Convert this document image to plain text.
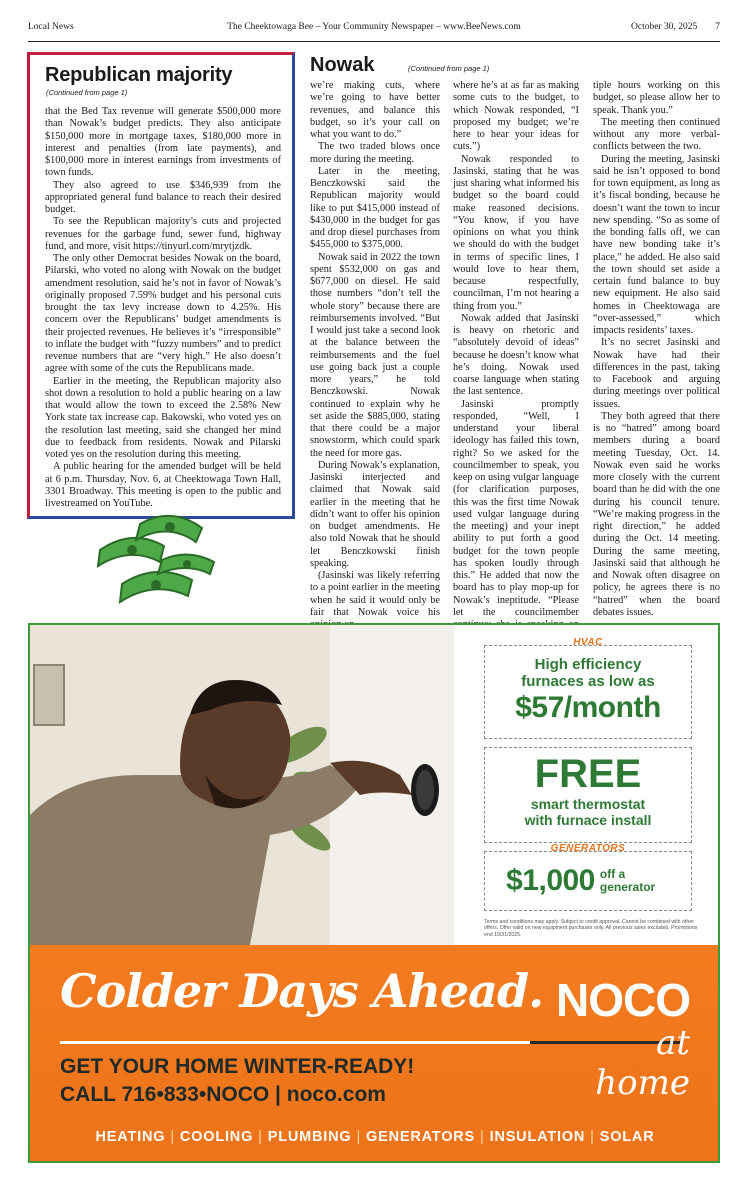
Local News	The Cheektowaga Bee – Your Community Newspaper – www.BeeNews.com	October 30, 2025 7
Republican majority
(Continued from page 1)

that the Bed Tax revenue will generate $500,000 more than Nowak’s budget predicts. They also anticipate $150,000 more in mortgage taxes, $180,000 more in interest and penalties (from late payments), and $100,000 more in interest earnings from investments of town funds.

They also agreed to use $346,939 from the appropriated general fund balance to reach their desired budget.

To see the Republican majority’s cuts and projected revenues for the garbage fund, sewer fund, highway fund, and more, visit https://tinyurl.com/mrytjzdk.

The only other Democrat besides Nowak on the board, Pilarski, who voted no along with Nowak on the budget amendment resolution, said he’s not in favor of Nowak’s originally proposed 7.59% budget and his personal cuts brought the tax levy increase down to 4.25%. His concern over the Republicans’ budget amendments is their projected revenues. He believes it’s “irresponsible” to inflate the budget with “fuzzy numbers” and to predict revenue numbers that are “very high.” He also doesn’t agree with some of the cuts the Republicans made.

Earlier in the meeting, the Republican majority also shot down a resolution to hold a public hearing on a law that would allow the town to exceed the 2.58% New York state tax increase cap. Bakowski, who voted yes on the resolution last meeting, said she changed her mind due to feedback from residents. Nowak and Pilarski voted yes on the resolution during this meeting.

A public hearing for the amended budget will be held at 6 p.m. Thursday, Nov. 6, at Cheektowaga Town Hall, 3301 Broadway. This meeting is open to the public and livestreamed on YouTube.

Nowak	(Continued from page 1)

we’re making cuts, where we’re going to have better revenues, and balance this budget, so it’s your call on what you want to do.”

The two traded blows once more during the meeting.

Later in the meeting, Benczkowski said the Republican majority would like to put $415,000 instead of $430,000 in the budget for gas and drop diesel purchases from $455,000 to $375,000.

Nowak said in 2022 the town spent $532,000 on gas and $677,000 on diesel. He said those numbers “don’t tell the whole story” because there are reimbursements involved. “But I would just take a second look at the balance between the reimbursements and the fuel use going back just a couple more years,” he told Benczkowski. Nowak continued to explain why he set aside the $885,000, stating that there could be a major snowstorm, which could spark the need for more gas.

During Nowak’s explanation, Jasinski interjected and claimed that Nowak said earlier in the meeting that he didn’t want to offer his opinion on budget amendments. He also told Nowak that he should let Benczkowski finish speaking.

(Jasinski was likely referring to a point earlier in the meeting when he said it would only be fair that Nowak voice his

where he’s at as far as making some cuts to the budget, to which Nowak responded, “I proposed my budget; we’re here to hear your ideas for cuts.”)

Nowak responded to Jasinski, stating that he was just sharing what informed his budget so the board could make reasoned decisions. “You know, if you have opinions on what you think we should do with the budget in terms of specific lines, I would love to hear them, because respectfully, councilman, I’m not hearing a thing from you.”

Nowak added that Jasinski is heavy on rhetoric and “absolutely devoid of ideas” because he doesn’t know what he’s doing. Nowak used coarse language when stating the last sentence.

Jasinski promptly responded, “Well, I understand your liberal ideology has failed this town, right? So we asked for the councilmember to speak, you keep on using vulgar language (for clarification purposes, this was the first time Nowak used vulgar language during the meeting) and your inept ability to put forth a good budget for the town people has spoken loudly through this.” He added that now the board has to play mop-up for Nowak’s ineptitude. “Please let the councilmember

tiple hours working on this budget, so please allow her to speak. Thank you.”

The meeting then continued without any more verbal-conflicts between the two.

During the meeting, Jasinski said he isn’t opposed to bond for town equipment, as long as it’s fiscal bonding, because he doesn’t want the town to incur new spending. “So as some of the bonding falls off, we can have new bonding take it’s place,” he added. He also said the town should set aside a certain fund balance to buy new equipment. He also said homes in Cheektowaga are “over-assessed,” which impacts residents’ taxes.

It’s no secret Jasinski and Nowak have had their differences in the past, taking to Facebook and arguing during meetings over political issues.

They both agreed that there is no “hatred” among board members during a board meeting Tuesday, Oct. 14. Nowak even said he works more closely with the current board than he did with the one during his council tenure. “We’re making progress in the right direction,” he added during the Oct. 14 meeting. During the same meeting, Jasinski said that although he and Nowak often disagree on policy, he agrees there is no “hatred” when the board debates issues.

HVAC
High efficiency
furnaces as low as
$57/month
FREE
smart thermostat
with furnace install
GENERATORS
$1,000 off a generator
Terms and conditions may apply. Subject to credit approval. Cannot be combined with other offers. Offer valid on new equipment purchases only. All previous sales excluded. Promotions end 10/31/2025.
Colder Days Ahead.
GET YOUR HOME WINTER-READY!
CALL 716•833•NOCO | noco.com
NOCO
at home
HEATING | COOLING | PLUMBING | GENERATORS | INSULATION | SOLAR
